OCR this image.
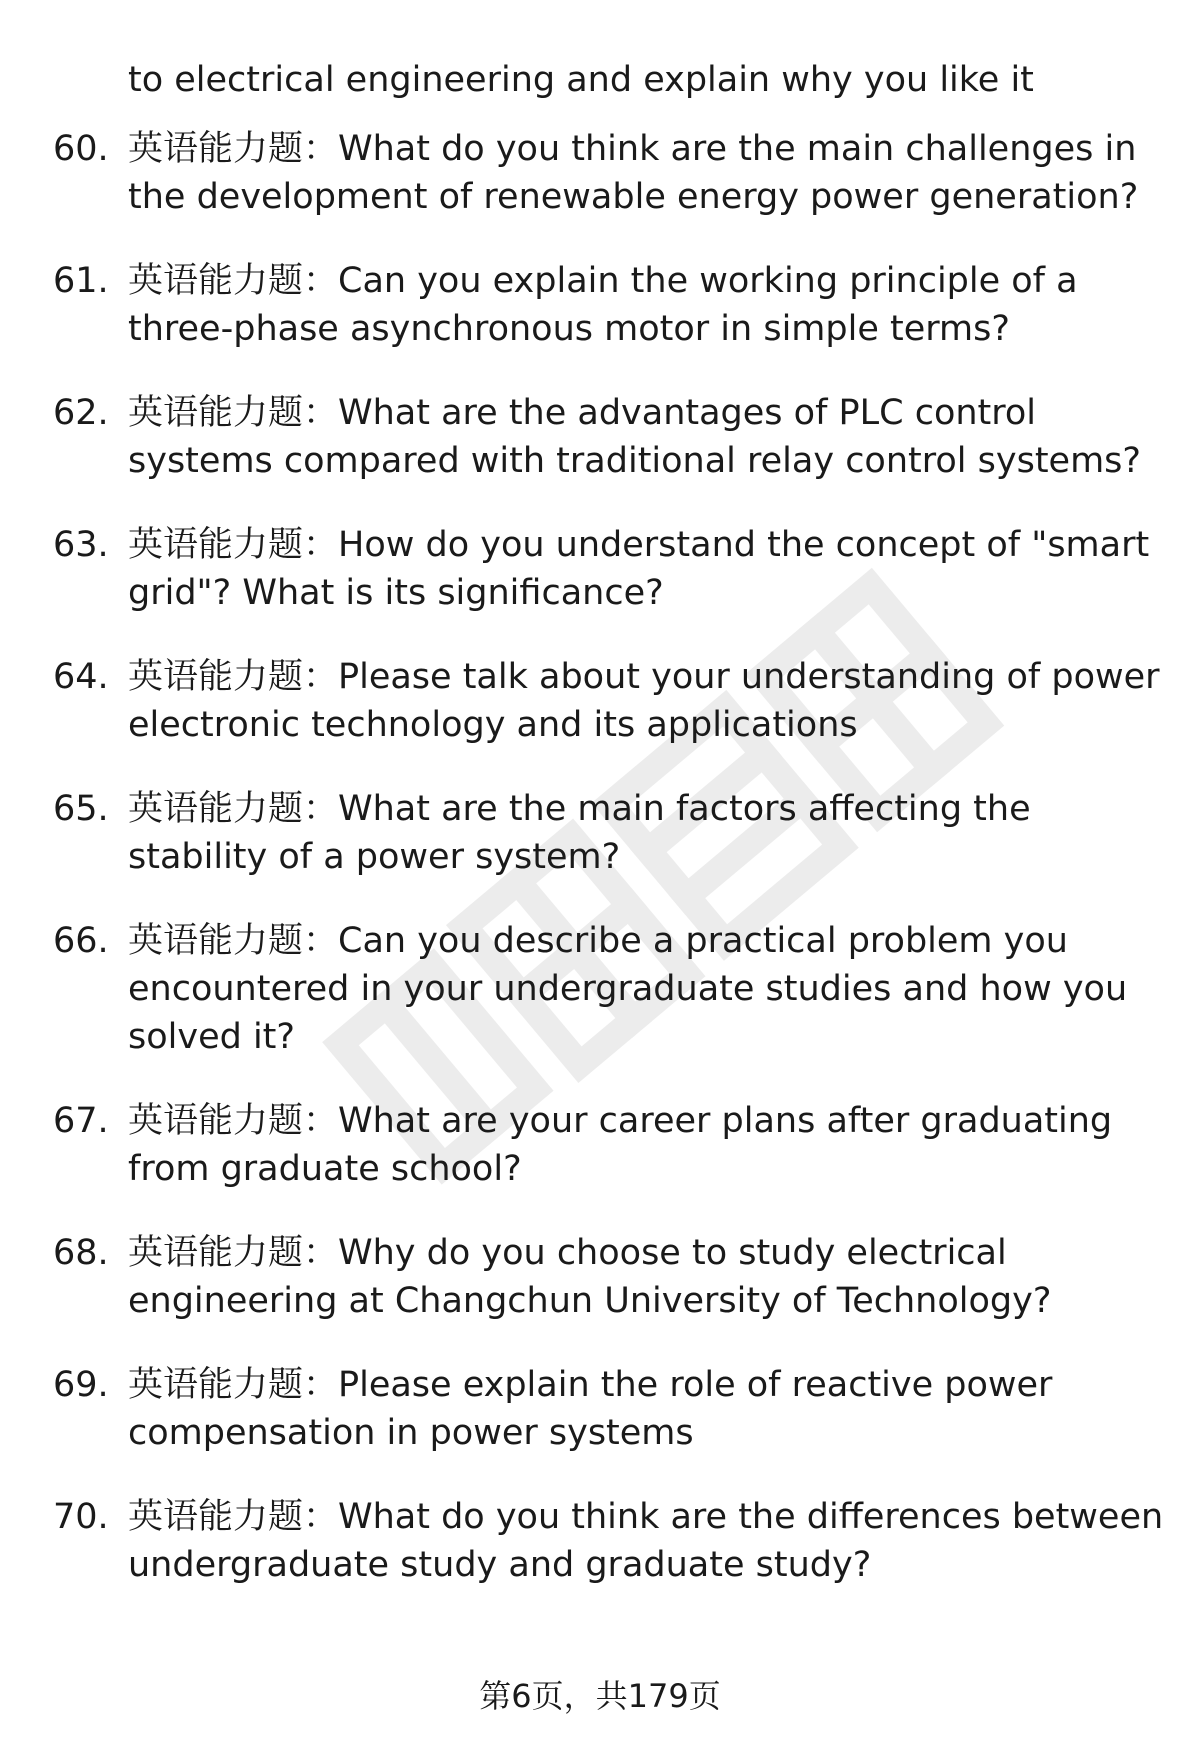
to electrical engineering and explain why you like it
60. 英语能力题：What do you think are the main challenges in
the development of renewable energy power generation?
61. 英语能力题：Can you explain the working principle of a
three-phase asynchronous motor in simple terms?
62. 英语能力题：What are the advantages of PLC control
systems compared with traditional relay control systems?
63. 英语能力题：How do you understand the concept of "smart
grid"? What is its significance?
64. 英语能力题：Please talk about your understanding of power
electronic technology and its applications
65. 英语能力题：What are the main factors affecting the
stability of a power system?
66. 英语能力题：Can you describe a practical problem you
encountered in your undergraduate studies and how you
solved it?
67. 英语能力题：What are your career plans after graduating
from graduate school?
68. 英语能力题：Why do you choose to study electrical
engineering at Changchun University of Technology?
69. 英语能力题：Please explain the role of reactive power
compensation in power systems
70. 英语能力题：What do you think are the differences between
undergraduate study and graduate study?
第6页，共179页
